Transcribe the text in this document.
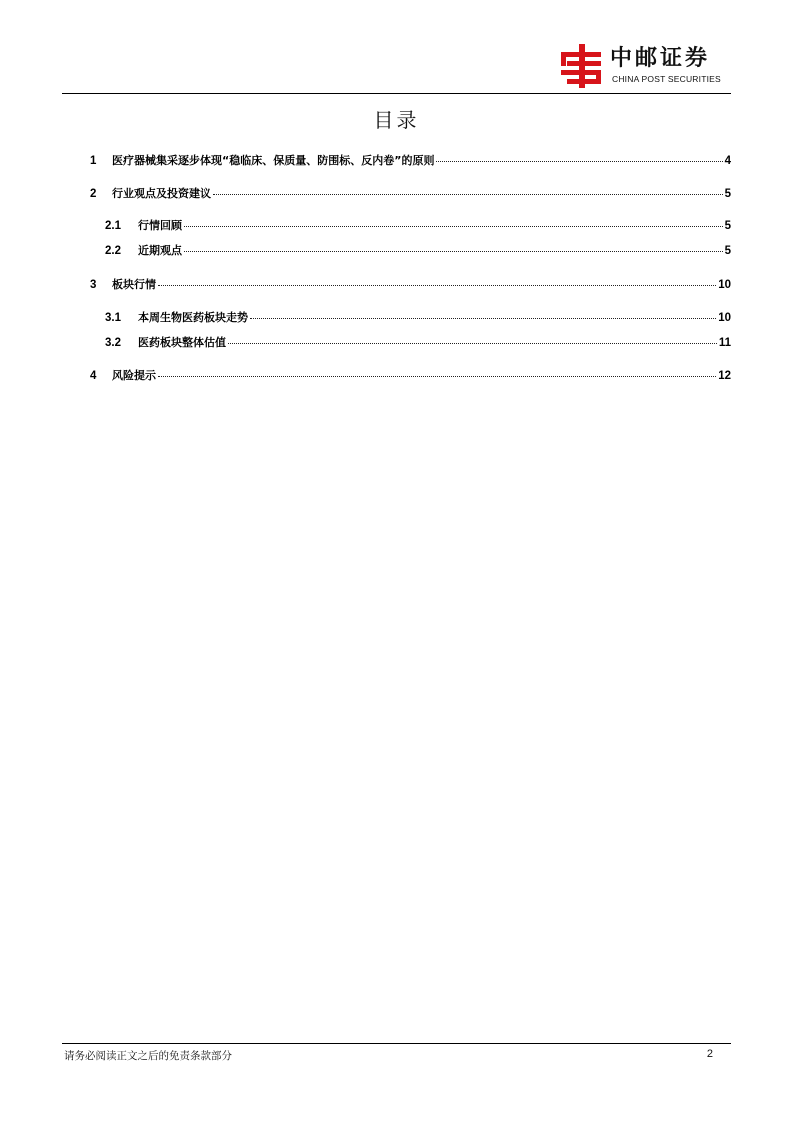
中邮证券
CHINA POST SECURITIES
目录
1	医疗器械集采逐步体现“稳临床、保质量、防围标、反内卷”的原则	4
2	行业观点及投资建议	5
2.1	行情回顾	5
2.2	近期观点	5
3	板块行情	10
3.1	本周生物医药板块走势	10
3.2	医药板块整体估值	11
4	风险提示	12
请务必阅读正文之后的免责条款部分	2
